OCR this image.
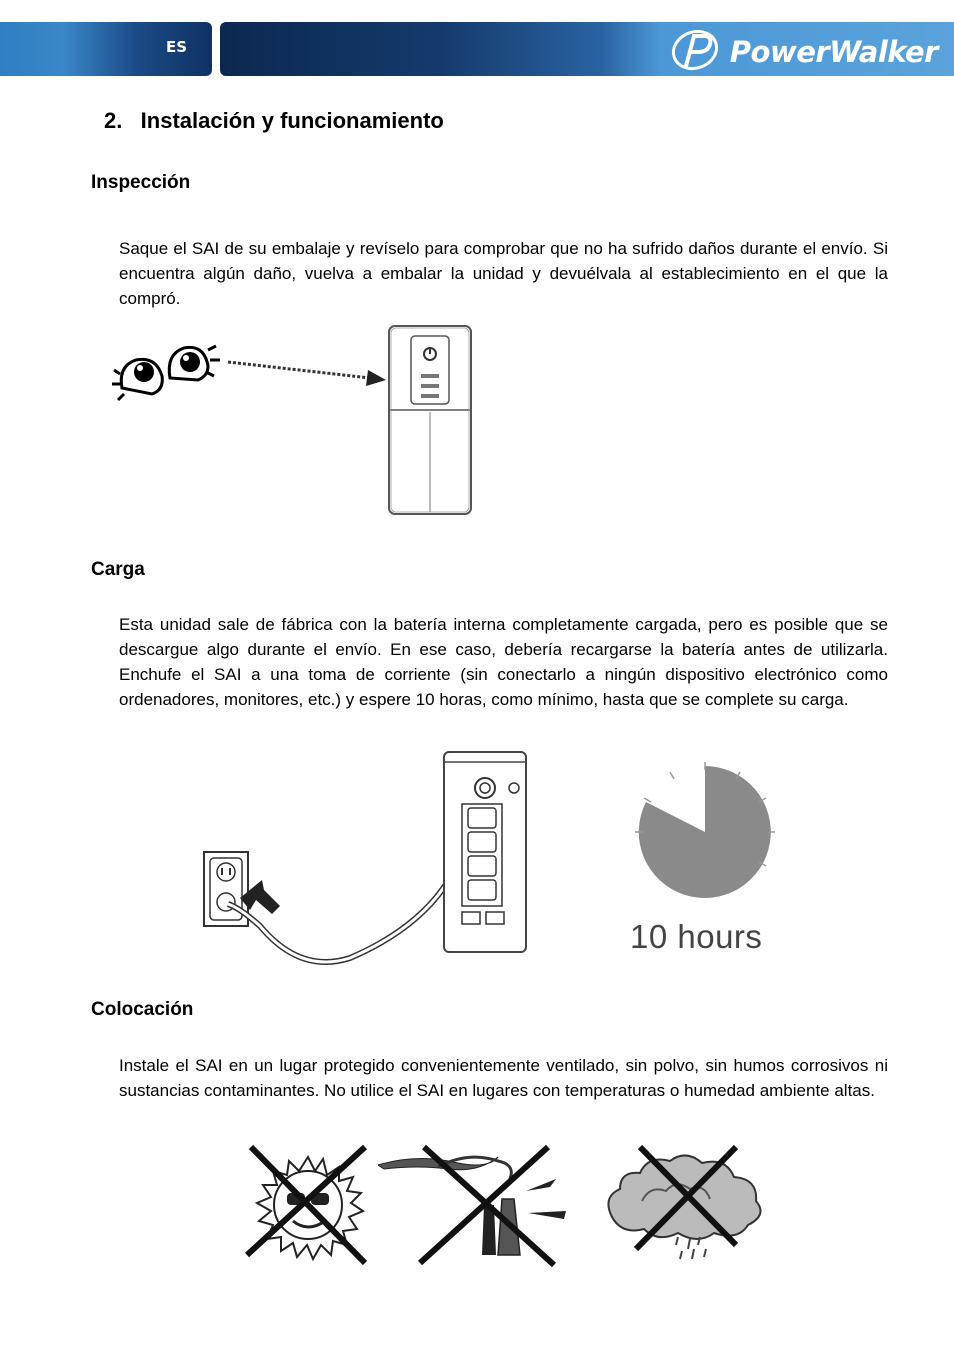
ES	PowerWalker
2.   Instalación y funcionamiento
Inspección

Saque el SAI de su embalaje y revíselo para comprobar que no ha sufrido daños durante el envío. Si encuentra algún daño, vuelva a embalar la unidad y devuélvala al establecimiento en el que la compró.

Carga

Esta unidad sale de fábrica con la batería interna completamente cargada, pero es posible que se descargue algo durante el envío. En ese caso, debería recargarse la batería antes de utilizarla. Enchufe el SAI a una toma de corriente (sin conectarlo a ningún dispositivo electrónico como ordenadores, monitores, etc.) y espere 10 horas, como mínimo, hasta que se complete su carga.

10 hours
Colocación

Instale el SAI en un lugar protegido convenientemente ventilado, sin polvo, sin humos corrosivos ni sustancias contaminantes. No utilice el SAI en lugares con temperaturas o humedad ambiente altas.
